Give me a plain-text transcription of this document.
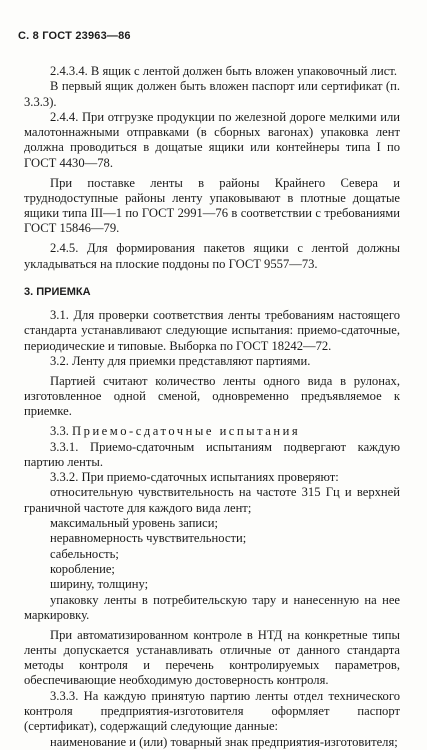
С. 8 ГОСТ 23963—86

2.4.3.4. В ящик с лентой должен быть вложен упаковочный лист.

В первый ящик должен быть вложен паспорт или сертификат (п. 3.3.3).

2.4.4. При отгрузке продукции по железной дороге мелкими или малотоннажными отправками (в сборных вагонах) упаковка лент должна проводиться в дощатые ящики или контейнеры типа I по ГОСТ 4430—78.

При поставке ленты в районы Крайнего Севера и труднодоступные районы ленту упаковывают в плотные дощатые ящики типа III—1 по ГОСТ 2991—76 в соответствии с требованиями ГОСТ 15846—79.

2.4.5. Для формирования пакетов ящики с лентой должны укладываться на плоские поддоны по ГОСТ 9557—73.

3. ПРИЕМКА

3.1. Для проверки соответствия ленты требованиям настоящего стандарта устанавливают следующие испытания: приемо-сдаточные, периодические и типовые. Выборка по ГОСТ 18242—72.

3.2. Ленту для приемки представляют партиями.

Партией считают количество ленты одного вида в рулонах, изготовленное одной сменой, одновременно предъявляемое к приемке.

3.3. Приемо-сдаточные испытания

3.3.1. Приемо-сдаточным испытаниям подвергают каждую партию ленты.

3.3.2. При приемо-сдаточных испытаниях проверяют:

относительную чувствительность на частоте 315 Гц и верхней граничной частоте для каждого вида лент;

максимальный уровень записи;

неравномерность чувствительности;

сабельность;

коробление;

ширину, толщину;

упаковку ленты в потребительскую тару и нанесенную на нее маркировку.

При автоматизированном контроле в НТД на конкретные типы ленты допускается устанавливать отличные от данного стандарта методы контроля и перечень контролируемых параметров, обеспечивающие необходимую достоверность контроля.

3.3.3. На каждую принятую партию ленты отдел технического контроля предприятия-изготовителя оформляет паспорт (сертификат), содержащий следующие данные:

наименование и (или) товарный знак предприятия-изготовителя;
